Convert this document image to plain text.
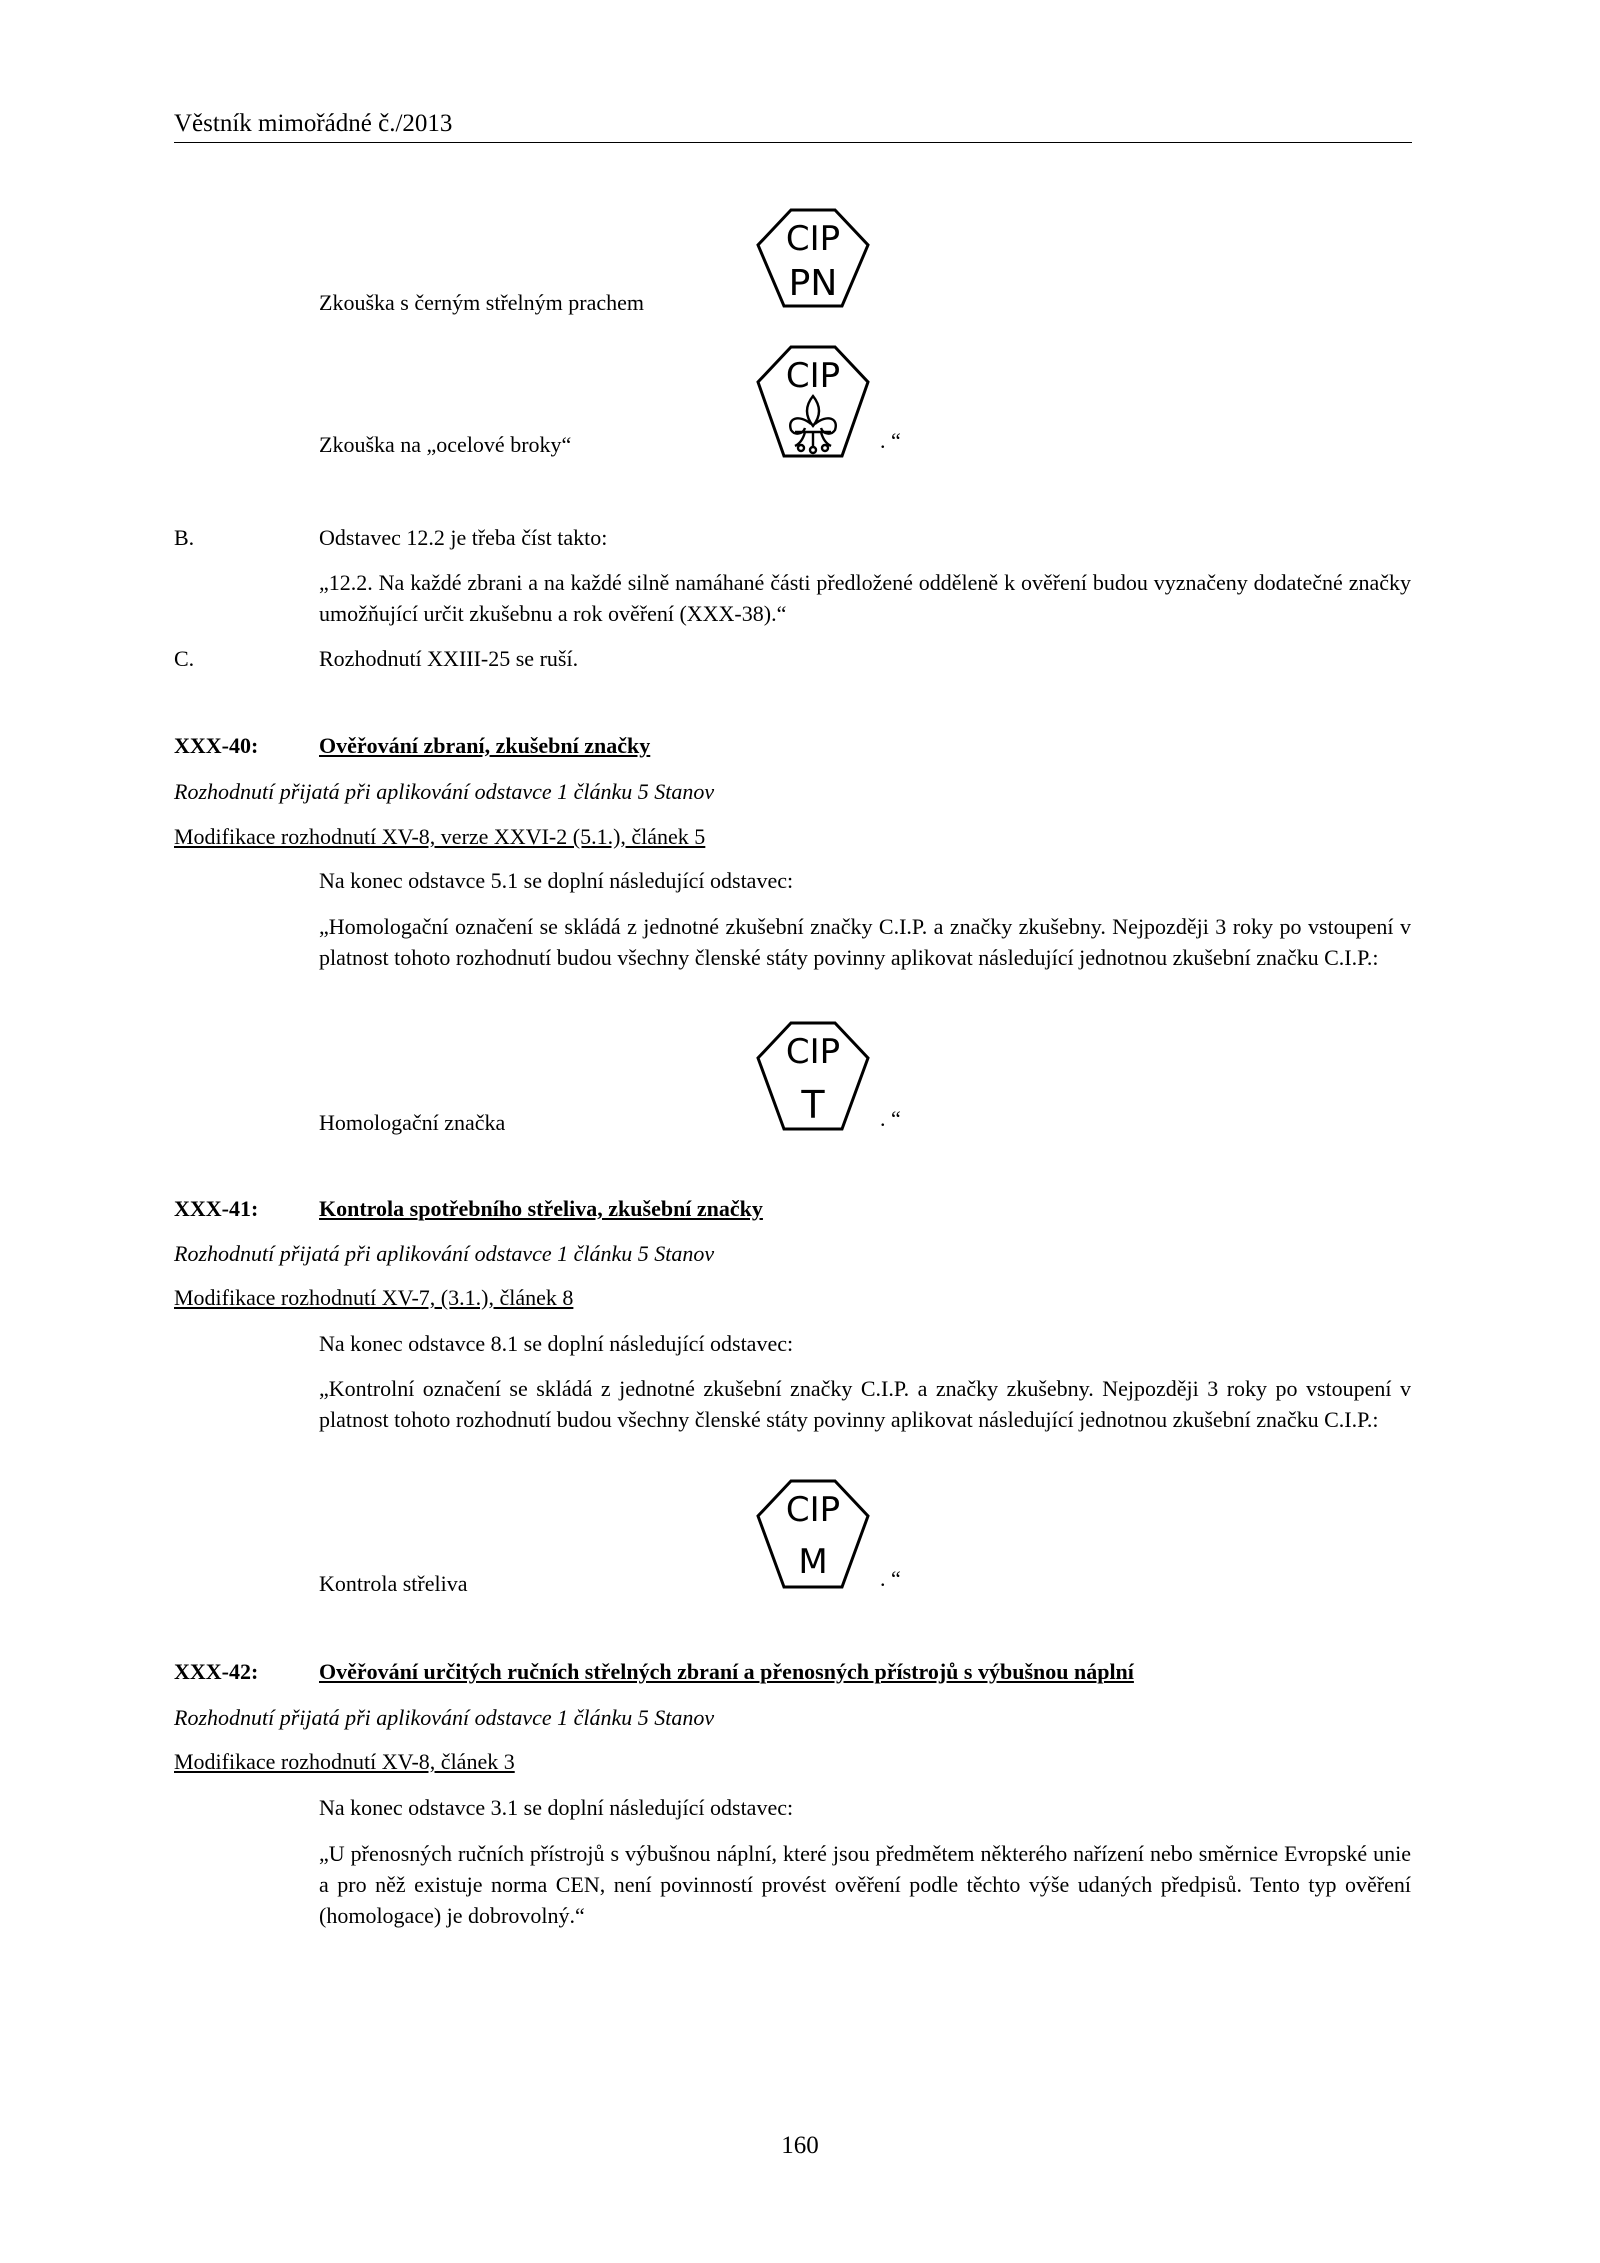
Věstník mimořádné č./2013
Zkouška s černým střelným prachem
CIP
PN
Zkouška na „ocelové broky“
CIP
. “
B.	Odstavec 12.2 je třeba číst takto:
„12.2. Na každé zbrani a na každé silně namáhané části předložené odděleně k ověření budou vyznačeny dodatečné značky umožňující určit zkušebnu a rok ověření (XXX-38).“
C.	Rozhodnutí XXIII-25 se ruší.
XXX-40:	Ověřování zbraní, zkušební značky
Rozhodnutí přijatá při aplikování odstavce 1 článku 5 Stanov
Modifikace rozhodnutí XV-8, verze XXVI-2 (5.1.), článek 5
Na konec odstavce 5.1 se doplní následující odstavec:
„Homologační označení se skládá z jednotné zkušební značky C.I.P. a značky zkušebny. Nejpozději 3 roky po vstoupení v platnost tohoto rozhodnutí budou všechny členské státy povinny aplikovat následující jednotnou zkušební značku C.I.P.:
Homologační značka
CIP
T	. “
XXX-41:	Kontrola spotřebního střeliva, zkušební značky
Rozhodnutí přijatá při aplikování odstavce 1 článku 5 Stanov
Modifikace rozhodnutí XV-7, (3.1.), článek 8
Na konec odstavce 8.1 se doplní následující odstavec:
„Kontrolní označení se skládá z jednotné zkušební značky C.I.P. a značky zkušebny. Nejpozději 3 roky po vstoupení v platnost tohoto rozhodnutí budou všechny členské státy povinny aplikovat následující jednotnou zkušební značku C.I.P.:
Kontrola střeliva
CIP
M . “
XXX-42:	Ověřování určitých ručních střelných zbraní a přenosných přístrojů s výbušnou náplní
Rozhodnutí přijatá při aplikování odstavce 1 článku 5 Stanov
Modifikace rozhodnutí XV-8, článek 3
Na konec odstavce 3.1 se doplní následující odstavec:
„U přenosných ručních přístrojů s výbušnou náplní, které jsou předmětem některého nařízení nebo směrnice Evropské unie a pro něž existuje norma CEN, není povinností provést ověření podle těchto výše udaných předpisů. Tento typ ověření (homologace) je dobrovolný.“
160
